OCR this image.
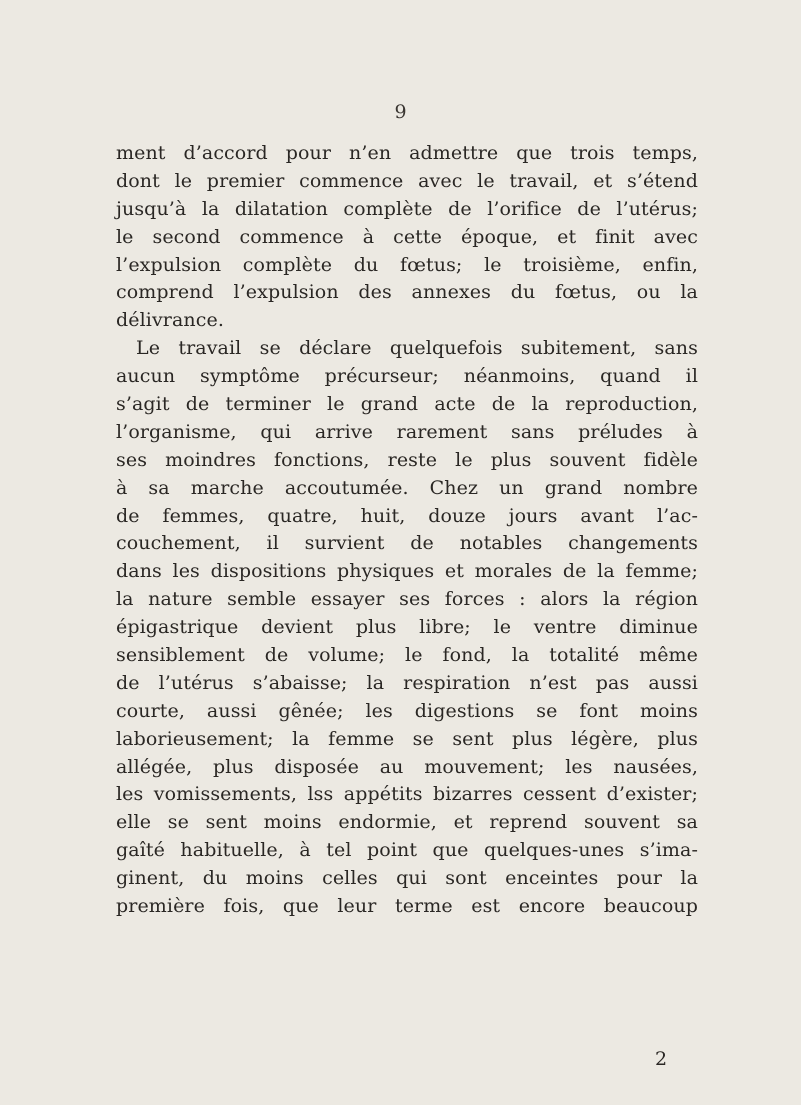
9
ment d’accord pour n’en admettre que trois temps,
dont le premier commence avec le travail, et s’étend
jusqu’à la dilatation complète de l’orifice de l’utérus;
le second commence à cette époque, et finit avec
l’expulsion complète du fœtus; le troisième, enfin,
comprend l’expulsion des annexes du fœtus, ou la
délivrance.
Le travail se déclare quelquefois subitement, sans
aucun symptôme précurseur; néanmoins, quand il
s’agit de terminer le grand acte de la reproduction,
l’organisme, qui arrive rarement sans préludes à
ses moindres fonctions, reste le plus souvent fidèle
à sa marche accoutumée. Chez un grand nombre
de femmes, quatre, huit, douze jours avant l’ac-
couchement, il survient de notables changements
dans les dispositions physiques et morales de la femme;
la nature semble essayer ses forces : alors la région
épigastrique devient plus libre; le ventre diminue
sensiblement de volume; le fond, la totalité même
de l’utérus s’abaisse; la respiration n’est pas aussi
courte, aussi gênée; les digestions se font moins
laborieusement; la femme se sent plus légère, plus
allégée, plus disposée au mouvement; les nausées,
les vomissements, lss appétits bizarres cessent d’exister;
elle se sent moins endormie, et reprend souvent sa
gaîté habituelle, à tel point que quelques-unes s’ima-
ginent, du moins celles qui sont enceintes pour la
première fois, que leur terme est encore beaucoup
2
